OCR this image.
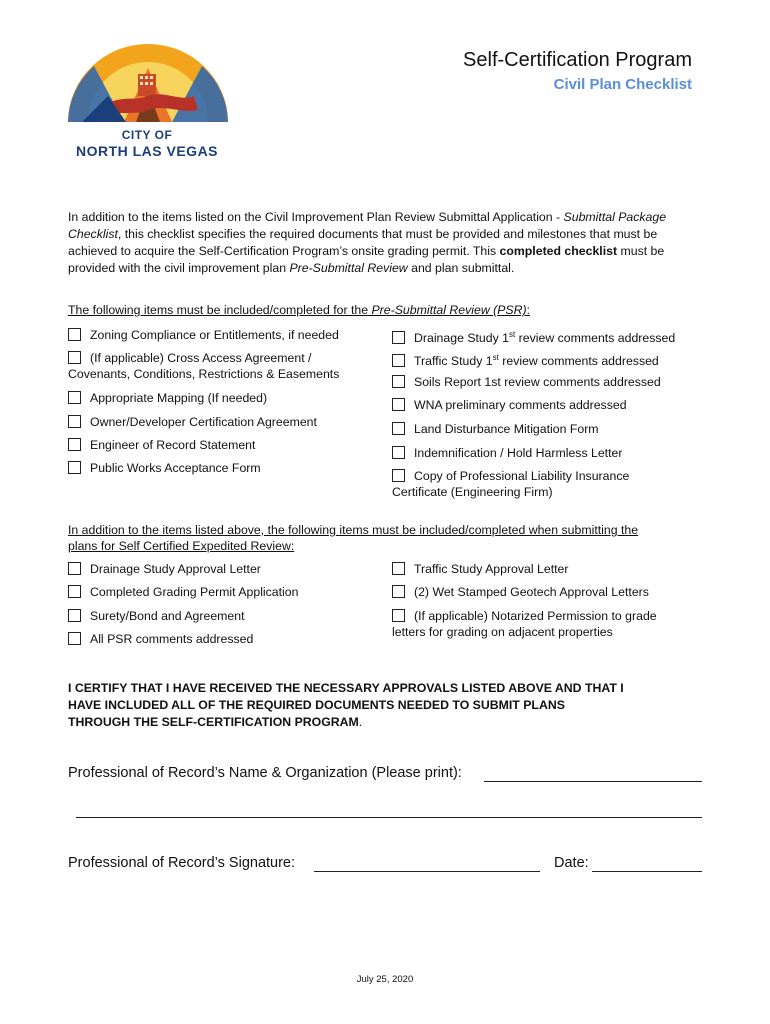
CITY OF
NORTH LAS VEGAS
Self-Certification Program
Civil Plan Checklist
In addition to the items listed on the Civil Improvement Plan Review Submittal Application - Submittal Package Checklist, this checklist specifies the required documents that must be provided and milestones that must be achieved to acquire the Self-Certification Program’s onsite grading permit. This completed checklist must be provided with the civil improvement plan Pre-Submittal Review and plan submittal.
The following items must be included/completed for the Pre-Submittal Review (PSR):
Zoning Compliance or Entitlements, if needed
(If applicable) Cross Access Agreement /
Covenants, Conditions, Restrictions & Easements
Appropriate Mapping (If needed)
Owner/Developer Certification Agreement
Engineer of Record Statement
Public Works Acceptance Form
Drainage Study 1st review comments addressed
Traffic Study 1st review comments addressed
Soils Report 1st review comments addressed
WNA preliminary comments addressed
Land Disturbance Mitigation Form
Indemnification / Hold Harmless Letter
Copy of Professional Liability Insurance
Certificate (Engineering Firm)
In addition to the items listed above, the following items must be included/completed when submitting the
plans for Self Certified Expedited Review:
Drainage Study Approval Letter
Completed Grading Permit Application
Surety/Bond and Agreement
All PSR comments addressed
Traffic Study Approval Letter
(2) Wet Stamped Geotech Approval Letters
(If applicable) Notarized Permission to grade
letters for grading on adjacent properties
I CERTIFY THAT I HAVE RECEIVED THE NECESSARY APPROVALS LISTED ABOVE AND THAT I
HAVE INCLUDED ALL OF THE REQUIRED DOCUMENTS NEEDED TO SUBMIT PLANS
THROUGH THE SELF-CERTIFICATION PROGRAM.
Professional of Record’s Name & Organization (Please print):
Professional of Record’s Signature:	Date:
July 25, 2020
